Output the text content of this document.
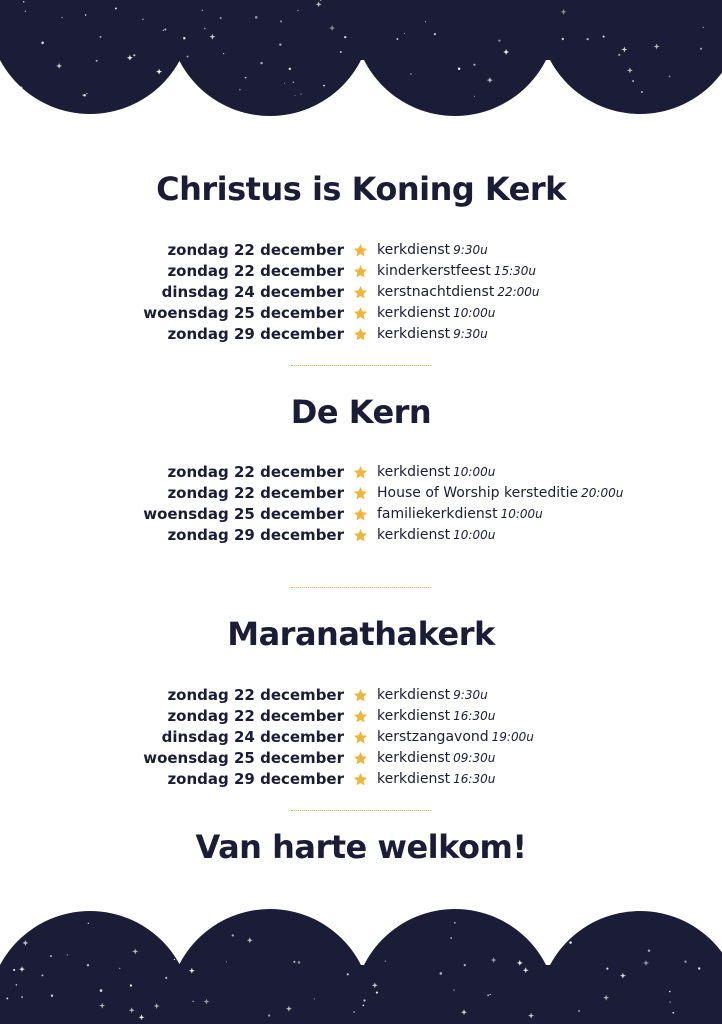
Christus is Koning Kerk
zondag 22 december kerkdienst 9:30u
zondag 22 december kinderkerstfeest 15:30u
dinsdag 24 december kerstnachtdienst 22:00u
woensdag 25 december kerkdienst 10:00u
zondag 29 december kerkdienst 9:30u
De Kern
zondag 22 december kerkdienst 10:00u
zondag 22 december House of Worship kersteditie 20:00u
woensdag 25 december familiekerkdienst 10:00u
zondag 29 december kerkdienst 10:00u
Maranathakerk
zondag 22 december kerkdienst 9:30u
zondag 22 december kerkdienst 16:30u
dinsdag 24 december kerstzangavond 19:00u
woensdag 25 december kerkdienst 09:30u
zondag 29 december kerkdienst 16:30u
Van harte welkom!
